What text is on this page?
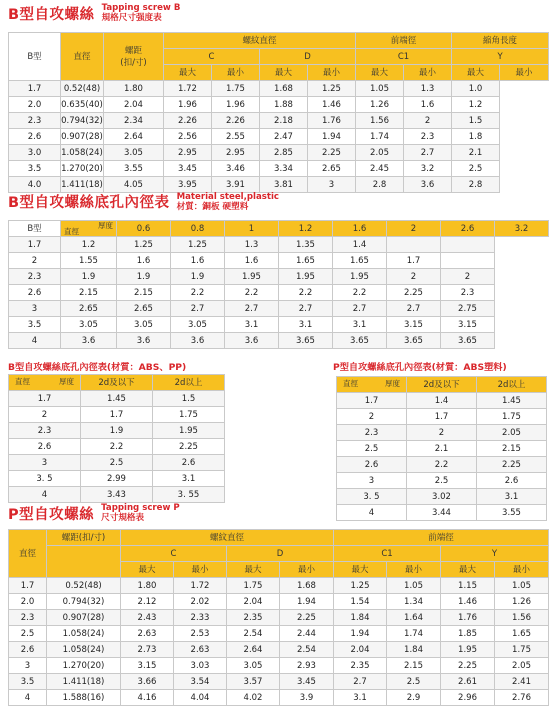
B型自攻螺絲 Tapping screw B
規格尺寸强度表
B型	直徑	螺距
(扣/寸)	螺紋直徑				前端徑		縮角長度	
			C		D		C1		Y	
			最大	最小	最大	最小	最大	最小	最大	最小
1.7	0.52(48)	1.80	1.72	1.75	1.68	1.25	1.05	1.3	1.0	
2.0	0.635(40)	2.04	1.96	1.96	1.88	1.46	1.26	1.6	1.2	
2.3	0.794(32)	2.34	2.26	2.26	2.18	1.76	1.56	2	1.5	
2.6	0.907(28)	2.64	2.56	2.55	2.47	1.94	1.74	2.3	1.8	
3.0	1.058(24)	3.05	2.95	2.95	2.85	2.25	2.05	2.7	2.1	
3.5	1.270(20)	3.55	3.45	3.46	3.34	2.65	2.45	3.2	2.5	
4.0	1.411(18)	4.05	3.95	3.91	3.81	3	2.8	3.6	2.8	
B型自攻螺絲底孔內徑表 Material steel,plastic
材質：銅板 硬塑料
B型	厚度
直徑	0.6	0.8	1	1.2	1.6	2	2.6	3.2
1.7	1.2	1.25	1.25	1.3	1.35	1.4			
2	1.55	1.6	1.6	1.6	1.65	1.65	1.7		
2.3	1.9	1.9	1.9	1.95	1.95	1.95	2	2	
2.6	2.15	2.15	2.2	2.2	2.2	2.2	2.25	2.3	
3	2.65	2.65	2.7	2.7	2.7	2.7	2.7	2.75	
3.5	3.05	3.05	3.05	3.1	3.1	3.1	3.15	3.15	
4	3.6	3.6	3.6	3.6	3.65	3.65	3.65	3.65	
B型自攻螺絲底孔內徑表(材質：ABS、PP)
直徑 厚度	2d及以下	2d以上
1.7	1.45	1.5
2	1.7	1.75
2.3	1.9	1.95
2.6	2.2	2.25
3	2.5	2.6
3. 5	2.99	3.1
4	3.43	3. 55
P型自攻螺絲底孔內徑表(材質：ABS塑料)
直徑 厚度	2d及以下	2d以上
1.7	1.4	1.45
2	1.7	1.75
2.3	2	2.05
2.5	2.1	2.15
2.6	2.2	2.25
3	2.5	2.6
3. 5	3.02	3.1
4	3.44	3.55
P型自攻螺絲 Tapping screw P
尺寸規格表
直徑	螺距(扣/寸)	螺紋直徑				前端徑			
		C		D		C1		Y	
		最大	最小	最大	最小	最大	最小	最大	最小
1.7	0.52(48)	1.80	1.72	1.75	1.68	1.25	1.05	1.15	1.05
2.0	0.794(32)	2.12	2.02	2.04	1.94	1.54	1.34	1.46	1.26
2.3	0.907(28)	2.43	2.33	2.35	2.25	1.84	1.64	1.76	1.56
2.5	1.058(24)	2.63	2.53	2.54	2.44	1.94	1.74	1.85	1.65
2.6	1.058(24)	2.73	2.63	2.64	2.54	2.04	1.84	1.95	1.75
3	1.270(20)	3.15	3.03	3.05	2.93	2.35	2.15	2.25	2.05
3.5	1.411(18)	3.66	3.54	3.57	3.45	2.7	2.5	2.61	2.41
4	1.588(16)	4.16	4.04	4.02	3.9	3.1	2.9	2.96	2.76
